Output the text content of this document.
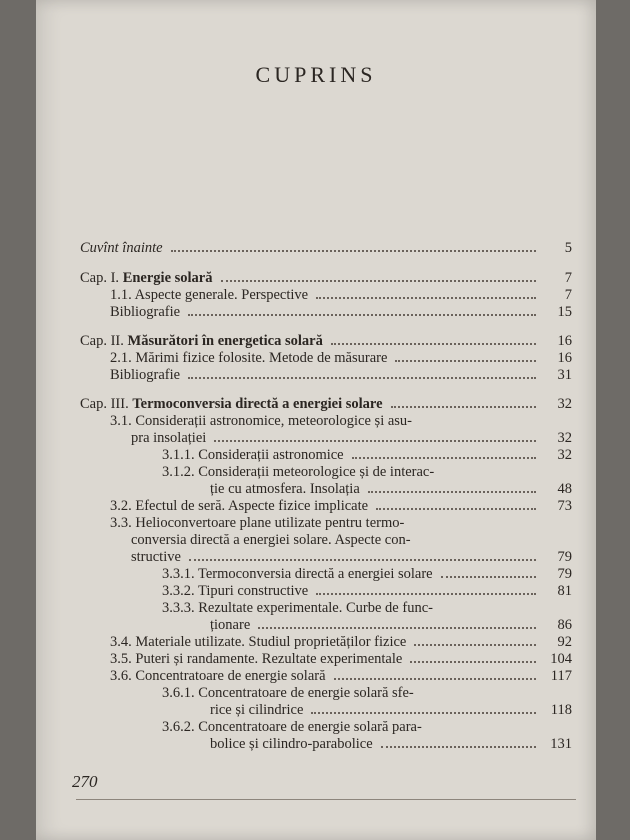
CUPRINS
Cuvînt înainte	5
Cap. I. Energie solară	7
1.1. Aspecte generale. Perspective	7
Bibliografie	15
Cap. II. Măsurători în energetica solară	16
2.1. Mărimi fizice folosite. Metode de măsurare	16
Bibliografie	31
Cap. III. Termoconversia directă a energiei solare	32
3.1. Considerații astronomice, meteorologice și asu-
pra insolației	32
3.1.1. Considerații astronomice	32
3.1.2. Considerații meteorologice și de interac-
ție cu atmosfera. Insolația	48
3.2. Efectul de seră. Aspecte fizice implicate	73
3.3. Helioconvertoare plane utilizate pentru termo-
conversia directă a energiei solare. Aspecte con-
structive	79
3.3.1. Termoconversia directă a energiei solare	79
3.3.2. Tipuri constructive	81
3.3.3. Rezultate experimentale. Curbe de func-
ționare	86
3.4. Materiale utilizate. Studiul proprietăților fizice	92
3.5. Puteri și randamente. Rezultate experimentale	104
3.6. Concentratoare de energie solară	117
3.6.1. Concentratoare de energie solară sfe-
rice și cilindrice	118
3.6.2. Concentratoare de energie solară para-
bolice și cilindro-parabolice	131
270
